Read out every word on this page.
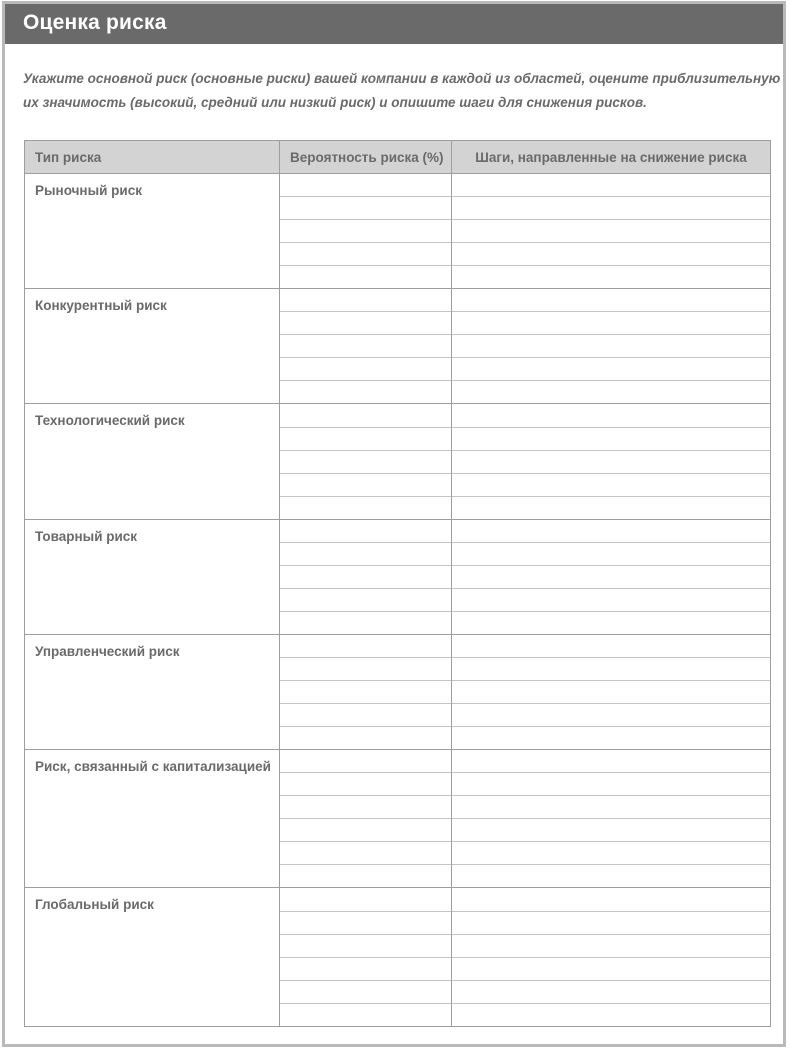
Оценка риска

Укажите основной риск (основные риски) вашей компании в каждой из областей, оцените приблизительную
их значимость (высокий, средний или низкий риск) и опишите шаги для снижения рисков.

Тип риска	Вероятность риска (%)	Шаги, направленные на снижение риска
Рыночный риск		

Конкурентный риск		

Технологический риск		

Товарный риск		

Управленческий риск		

Риск, связанный с капитализацией		

Глобальный риск		
